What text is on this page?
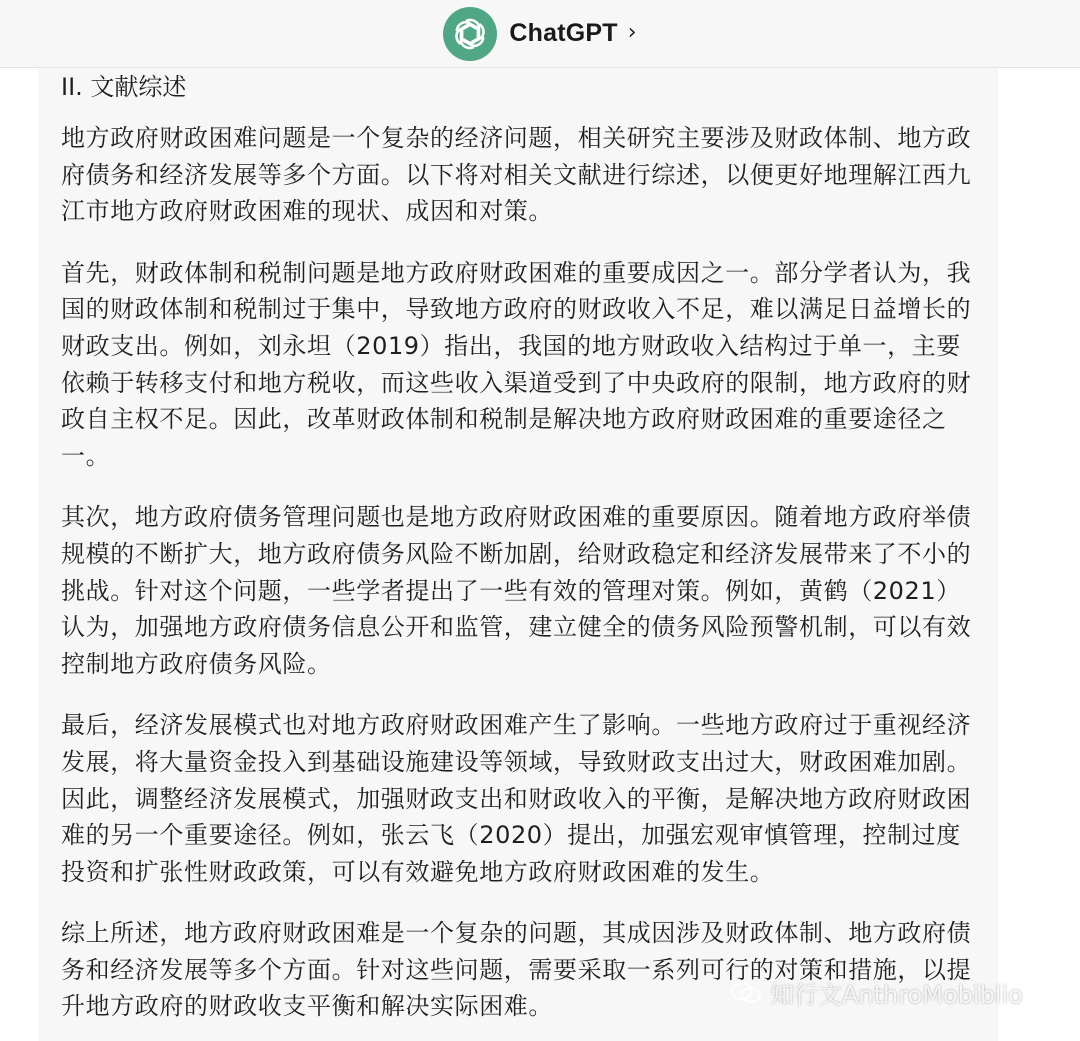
ChatGPT ›
II. 文献综述

地方政府财政困难问题是一个复杂的经济问题，相关研究主要涉及财政体制、地方政府债务和经济发展等多个方面。以下将对相关文献进行综述，以便更好地理解江西九江市地方政府财政困难的现状、成因和对策。

首先，财政体制和税制问题是地方政府财政困难的重要成因之一。部分学者认为，我国的财政体制和税制过于集中，导致地方政府的财政收入不足，难以满足日益增长的财政支出。例如，刘永坦（2019）指出，我国的地方财政收入结构过于单一，主要依赖于转移支付和地方税收，而这些收入渠道受到了中央政府的限制，地方政府的财政自主权不足。因此，改革财政体制和税制是解决地方政府财政困难的重要途径之一。

其次，地方政府债务管理问题也是地方政府财政困难的重要原因。随着地方政府举债规模的不断扩大，地方政府债务风险不断加剧，给财政稳定和经济发展带来了不小的挑战。针对这个问题，一些学者提出了一些有效的管理对策。例如，黄鹤（2021）认为，加强地方政府债务信息公开和监管，建立健全的债务风险预警机制，可以有效控制地方政府债务风险。

最后，经济发展模式也对地方政府财政困难产生了影响。一些地方政府过于重视经济发展，将大量资金投入到基础设施建设等领域，导致财政支出过大，财政困难加剧。因此，调整经济发展模式，加强财政支出和财政收入的平衡，是解决地方政府财政困难的另一个重要途径。例如，张云飞（2020）提出，加强宏观审慎管理，控制过度投资和扩张性财政政策，可以有效避免地方政府财政困难的发生。

综上所述，地方政府财政困难是一个复杂的问题，其成因涉及财政体制、地方政府债务和经济发展等多个方面。针对这些问题，需要采取一系列可行的对策和措施，以提升地方政府的财政收支平衡和解决实际困难。	知行文AnthroMobiblio
